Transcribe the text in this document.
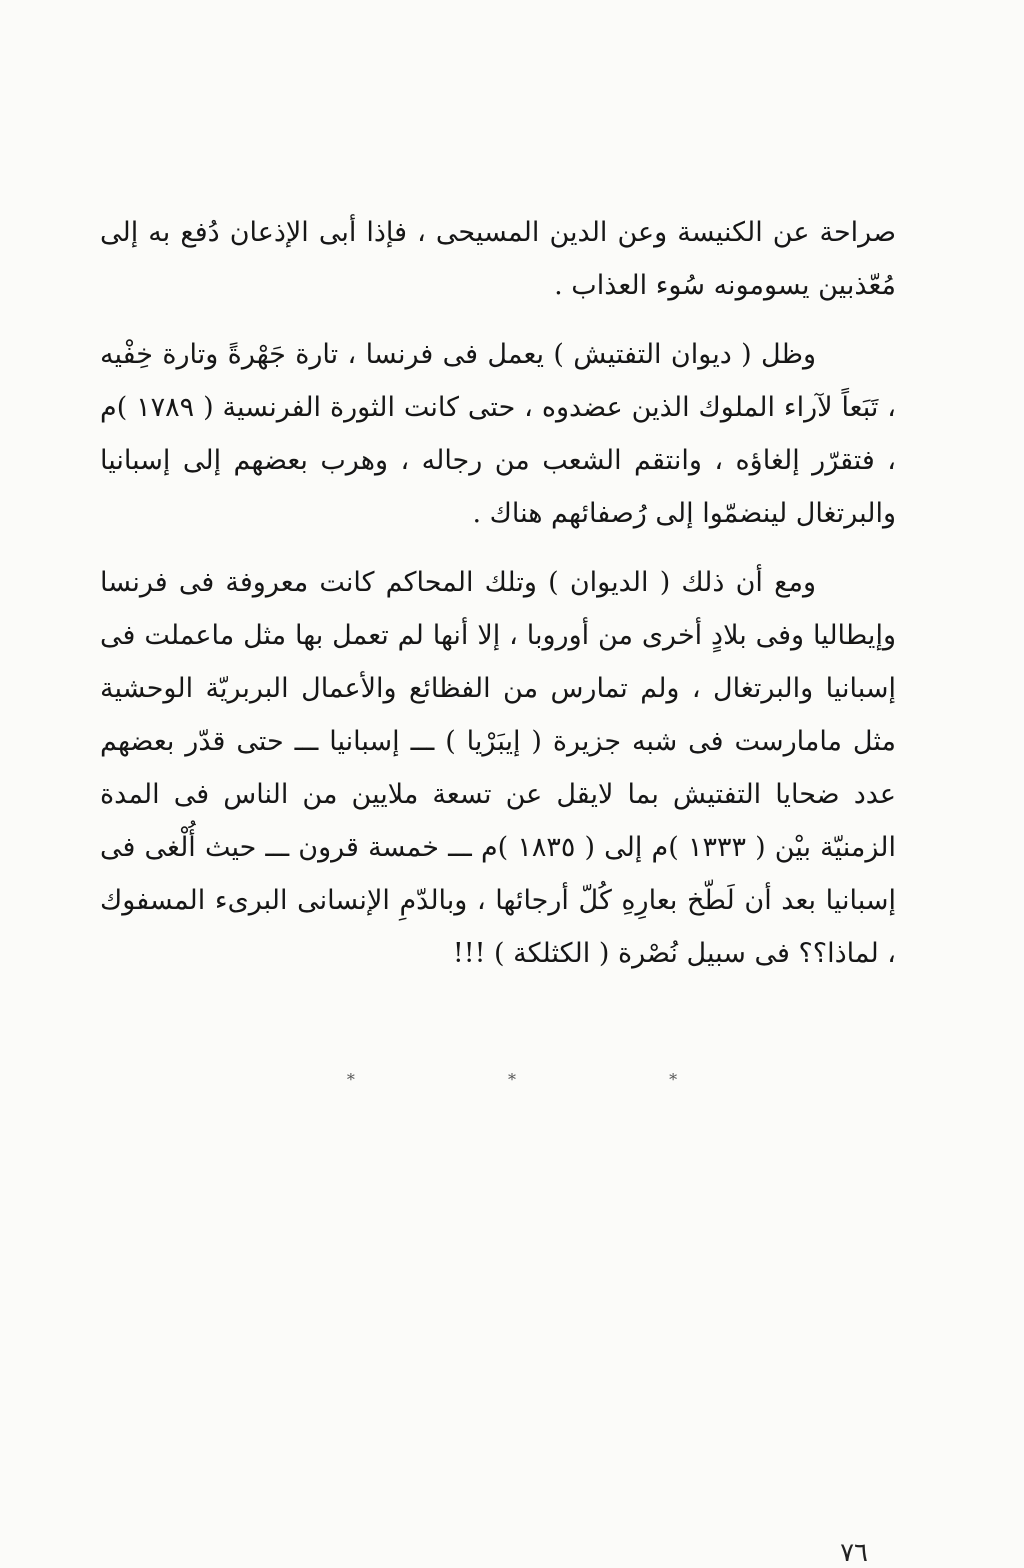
صراحة عن الكنيسة وعن الدين المسيحى ، فإذا أبى الإذعان دُفع به إلى مُعّذبين يسومونه سُوء العذاب .

وظل ( ديوان التفتيش ) يعمل فى فرنسا ، تارة جَهْرةً وتارة خِفْيه ، تَبَعاً لآراء الملوك الذين عضدوه ، حتى كانت الثورة الفرنسية ( ١٧٨٩ )م ، فتقرّر إلغاؤه ، وانتقم الشعب من رجاله ، وهرب بعضهم إلى إسبانيا والبرتغال لينضمّوا إلى رُصفائهم هناك .

ومع أن ذلك ( الديوان ) وتلك المحاكم كانت معروفة فى فرنسا وإيطاليا وفى بلادٍ أخرى من أوروبا ، إلا أنها لم تعمل بها مثل ماعملت فى إسبانيا والبرتغال ، ولم تمارس من الفظائع والأعمال البربريّة الوحشية مثل مامارست فى شبه جزيرة ( إيبَرْيا ) ـــ إسبانيا ـــ حتى قدّر بعضهم عدد ضحايا التفتيش بما لايقل عن تسعة ملايين من الناس فى المدة الزمنيّة بيْن ( ١٣٣٣ )م إلى ( ١٨٣٥ )م ـــ خمسة قرون ـــ حيث أُلْغى فى إسبانيا بعد أن لَطّخ بعارِهِ كُلّ أرجائها ، وبالدّمِ الإنسانى البرىء المسفوك ، لماذا؟؟ فى سبيل نُصْرة ( الكثلكة ) !!!

* * *
٧٦
